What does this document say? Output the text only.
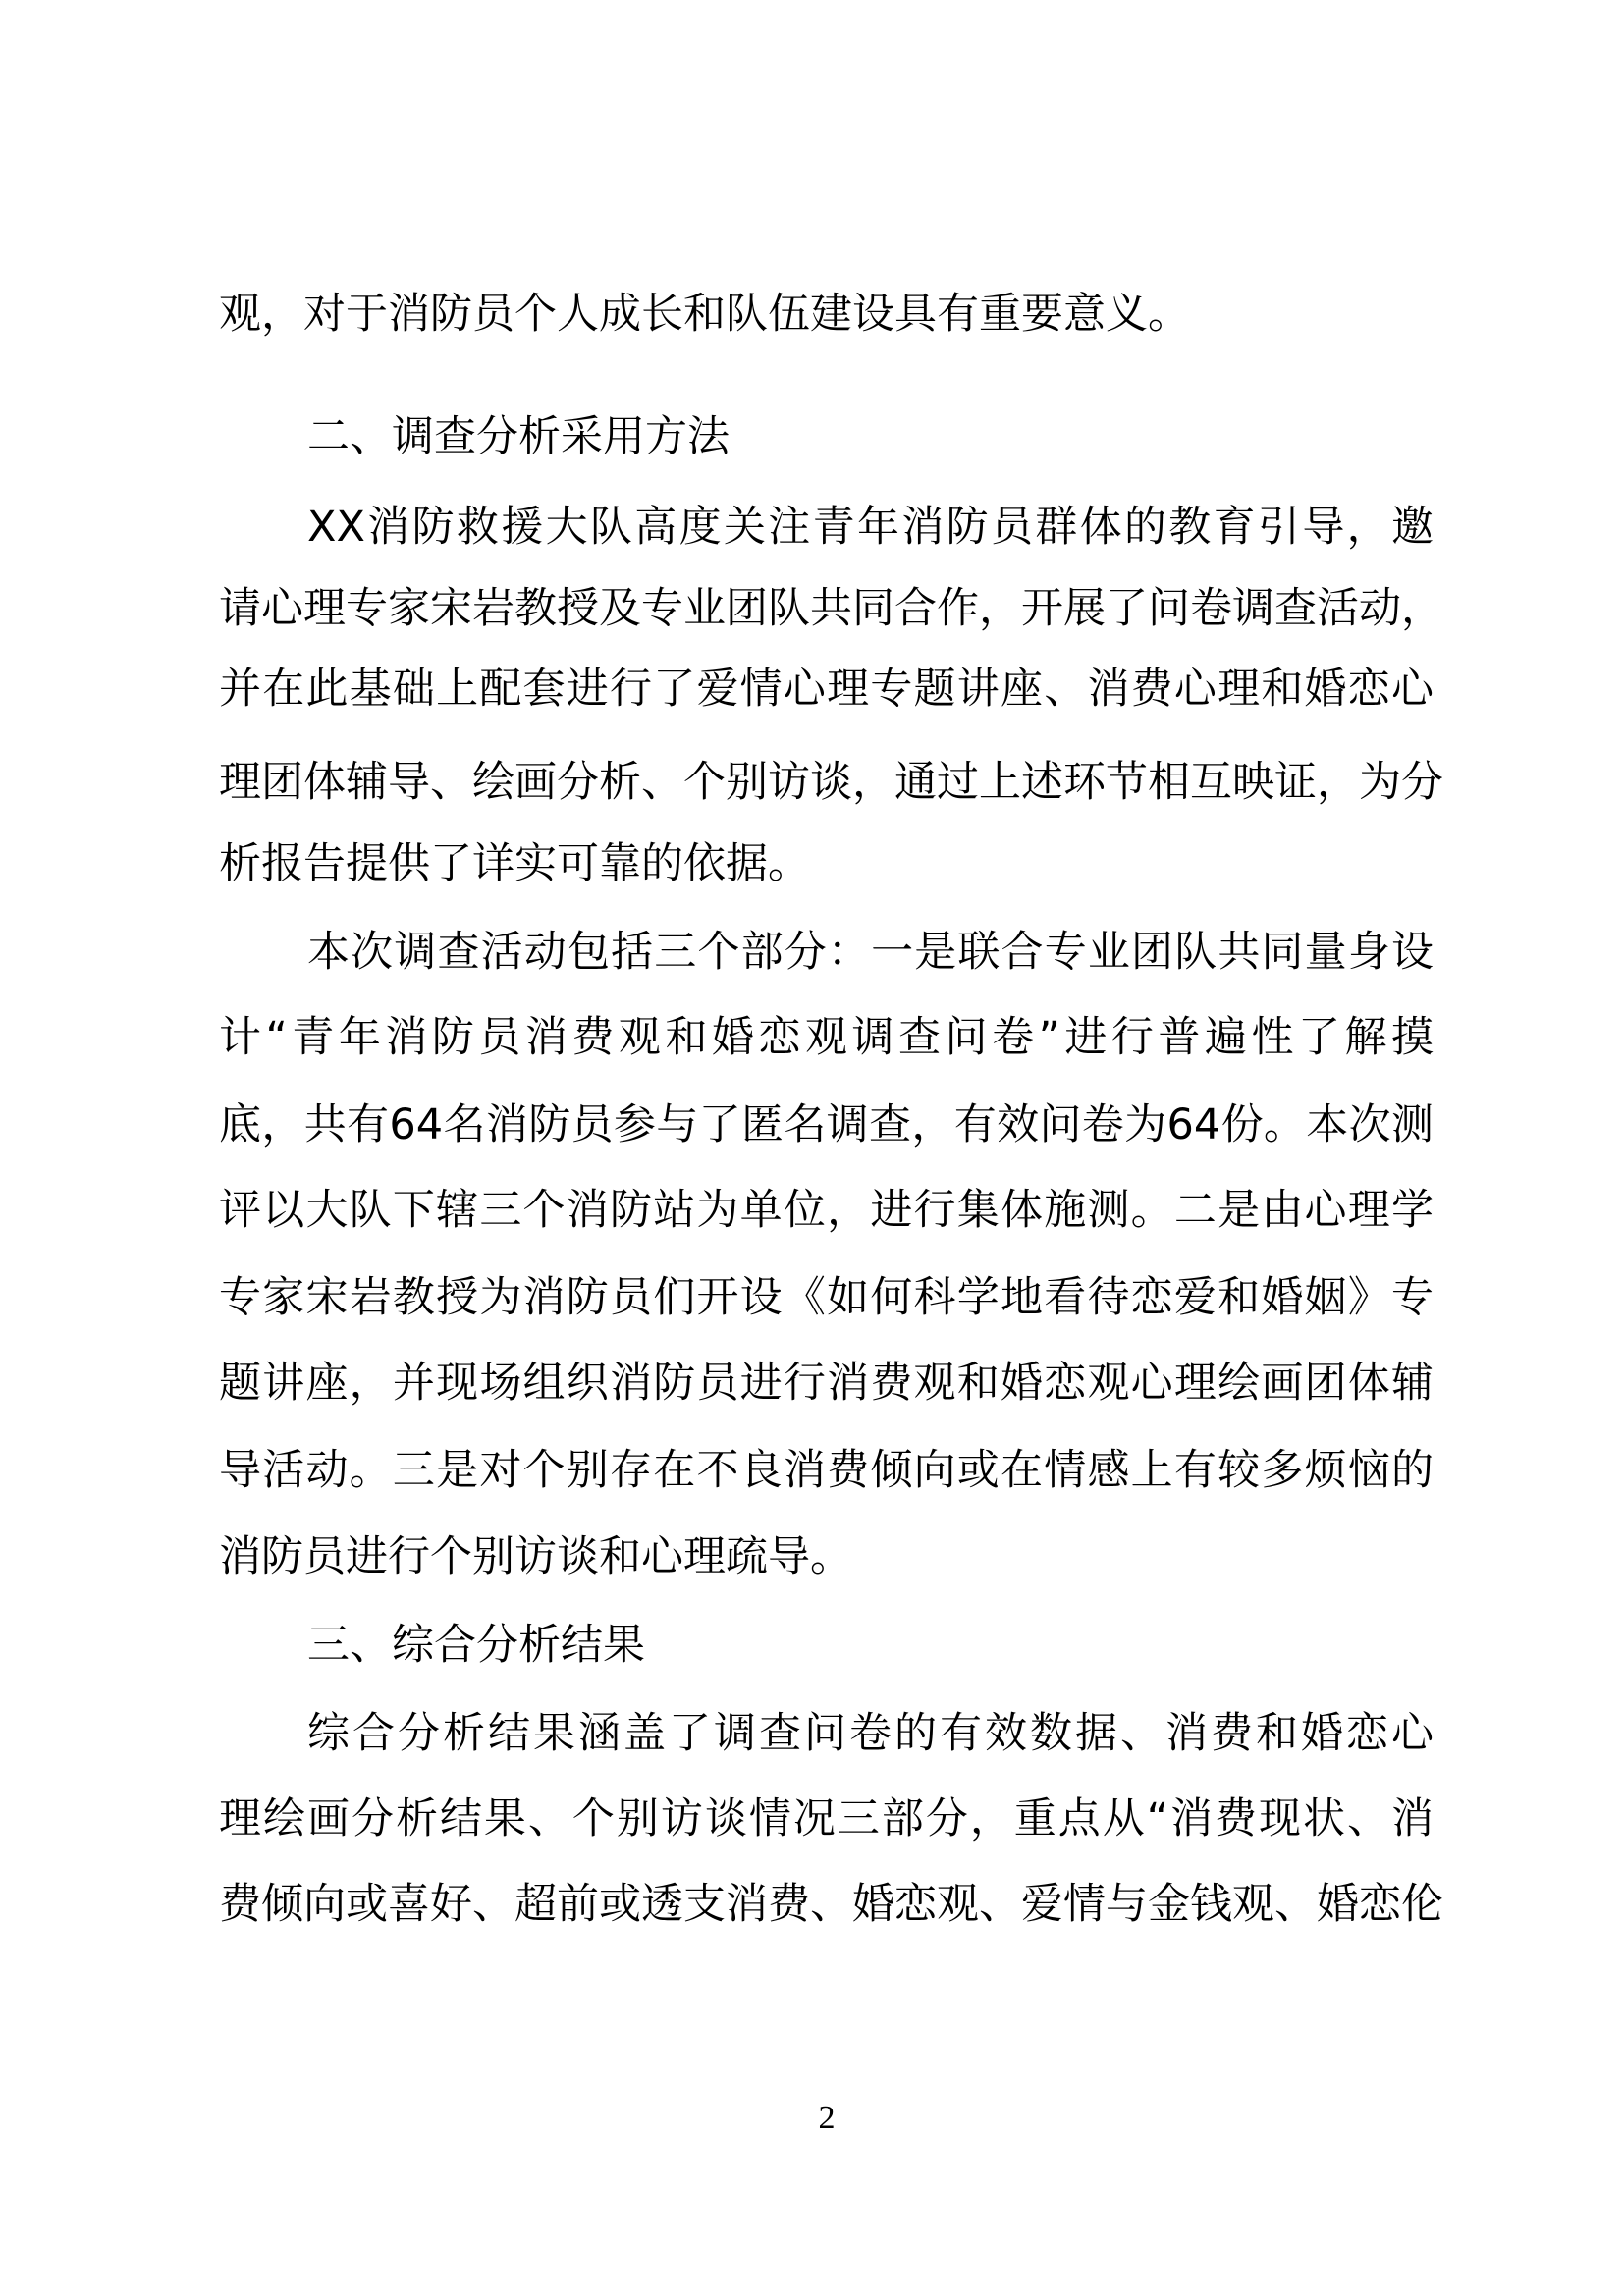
观，对于消防员个人成长和队伍建设具有重要意义。
二、调查分析采用方法
XX消防救援大队高度关注青年消防员群体的教育引导，邀
请心理专家宋岩教授及专业团队共同合作，开展了问卷调查活动，
并在此基础上配套进行了爱情心理专题讲座、消费心理和婚恋心
理团体辅导、绘画分析、个别访谈，通过上述环节相互映证，为分
析报告提供了详实可靠的依据。
本次调查活动包括三个部分：一是联合专业团队共同量身设
计“青年消防员消费观和婚恋观调查问卷”进行普遍性了解摸
底，共有64名消防员参与了匿名调查，有效问卷为64份。本次测
评以大队下辖三个消防站为单位，进行集体施测。二是由心理学
专家宋岩教授为消防员们开设《如何科学地看待恋爱和婚姻》专
题讲座，并现场组织消防员进行消费观和婚恋观心理绘画团体辅
导活动。三是对个别存在不良消费倾向或在情感上有较多烦恼的
消防员进行个别访谈和心理疏导。
三、综合分析结果
综合分析结果涵盖了调查问卷的有效数据、消费和婚恋心
理绘画分析结果、个别访谈情况三部分，重点从“消费现状、消
费倾向或喜好、超前或透支消费、婚恋观、爱情与金钱观、婚恋伦
2
